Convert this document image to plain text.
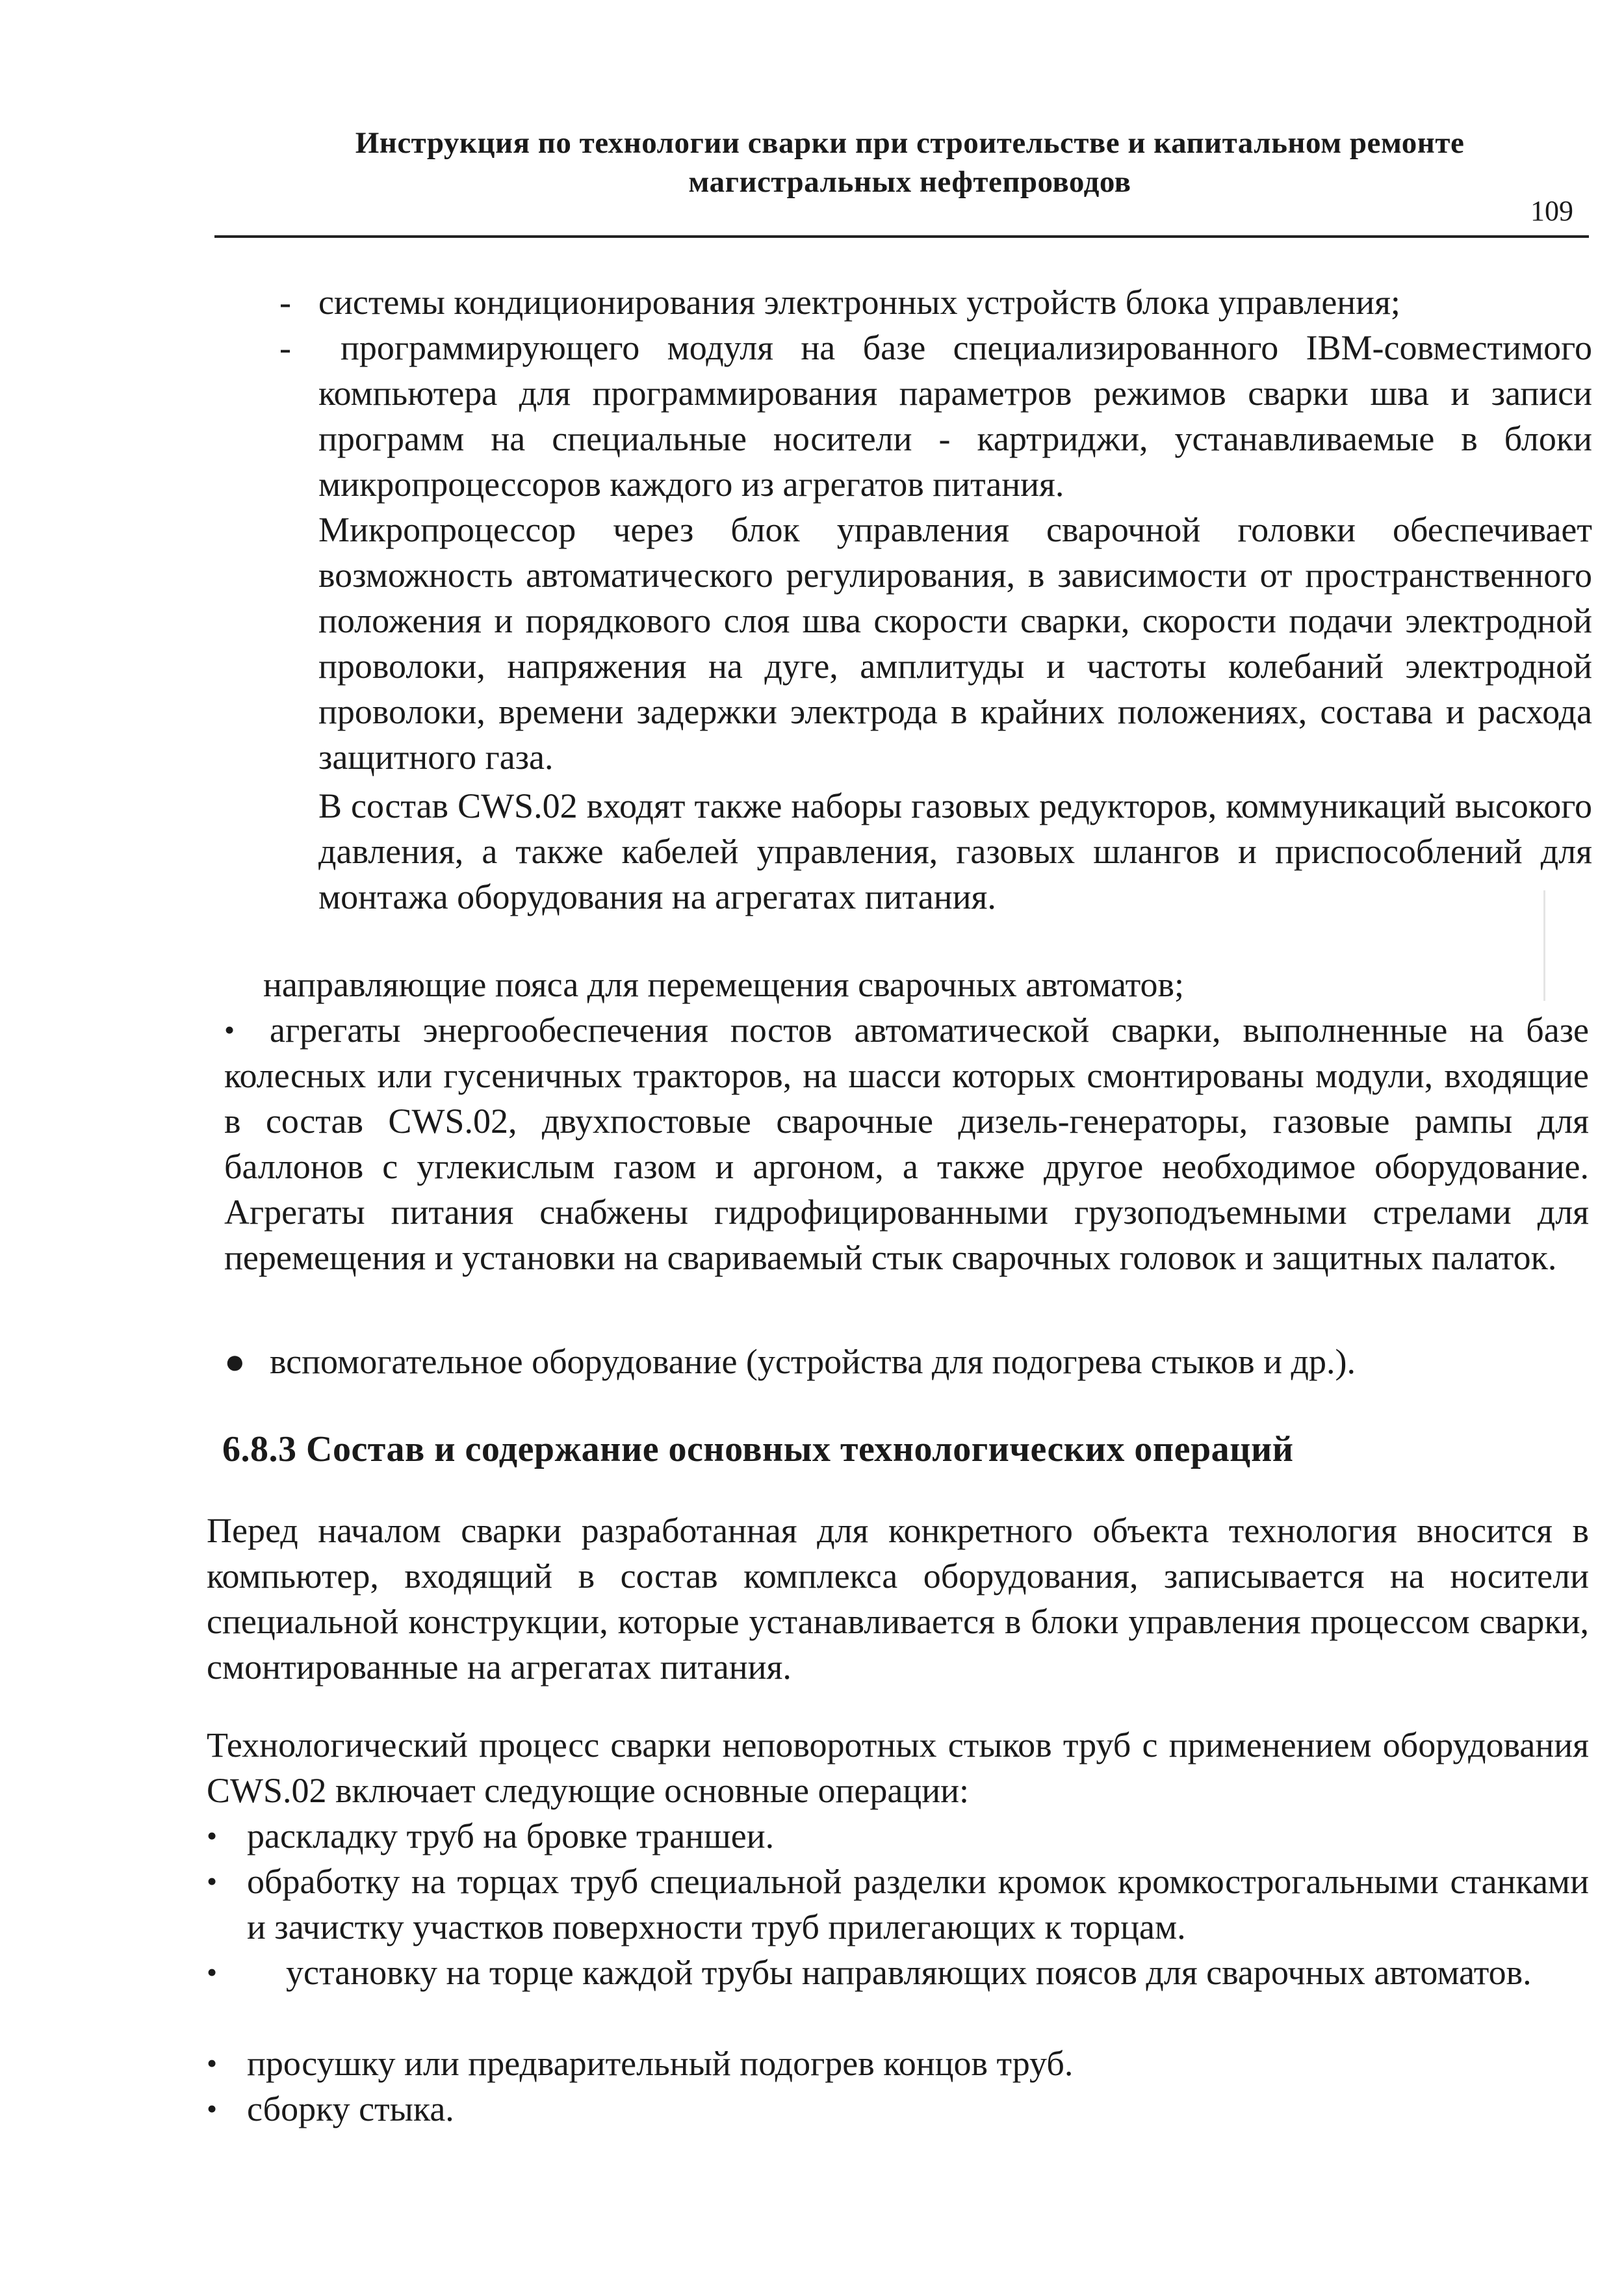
Инструкция по технологии сварки при строительстве и капитальном ремонте
магистральных нефтепроводов
109
- системы кондиционирования электронных устройств блока управления;
-	программирующего модуля на базе специализированного IBM-совместимого компьютера для программирования параметров режимов сварки шва и записи программ на специальные носители - картриджи, устанавливаемые в блоки микропроцессоров каждого из агрегатов питания.
Микропроцессор через блок управления сварочной головки обеспечивает возможность автоматического регулирования, в зависимости от пространственного положения и порядкового слоя шва скорости сварки, скорости подачи электродной проволоки, напряжения на дуге, амплитуды и частоты колебаний электродной проволоки, времени задержки электрода в крайних положениях, состава и расхода защитного газа.
В состав CWS.02 входят также наборы газовых редукторов, коммуникаций высокого давления, а также кабелей управления, газовых шлангов и приспособлений для монтажа оборудования на агрегатах питания.
направляющие пояса для перемещения сварочных автоматов;
• агрегаты энергообеспечения постов автоматической сварки, выполненные на базе колесных или гусеничных тракторов, на шасси которых смонтированы модули, входящие в состав CWS.02, двухпостовые сварочные дизель-генераторы, газовые рампы для баллонов с углекислым газом и аргоном, а также другое необходимое оборудование. Агрегаты питания снабжены гидрофицированными грузоподъемными стрелами для перемещения и установки на свариваемый стык сварочных головок и защитных палаток.
● вспомогательное оборудование (устройства для подогрева стыков и др.).
6.8.3 Состав и содержание основных технологических операций
Перед началом сварки разработанная для конкретного объекта технология вносится в компьютер, входящий в состав комплекса оборудования, записывается на носители специальной конструкции, которые устанавливается в блоки управления процессом сварки, смонтированные на агрегатах питания.
Технологический процесс сварки неповоротных стыков труб с применением оборудования CWS.02 включает следующие основные операции:
• раскладку труб на бровке траншеи.
• обработку на торцах труб специальной разделки кромок кромкострогальными станками и зачистку участков поверхности труб прилегающих к торцам.
•	установку на торце каждой трубы направляющих поясов для сварочных автоматов.
• просушку или предварительный подогрев концов труб.
• сборку стыка.
